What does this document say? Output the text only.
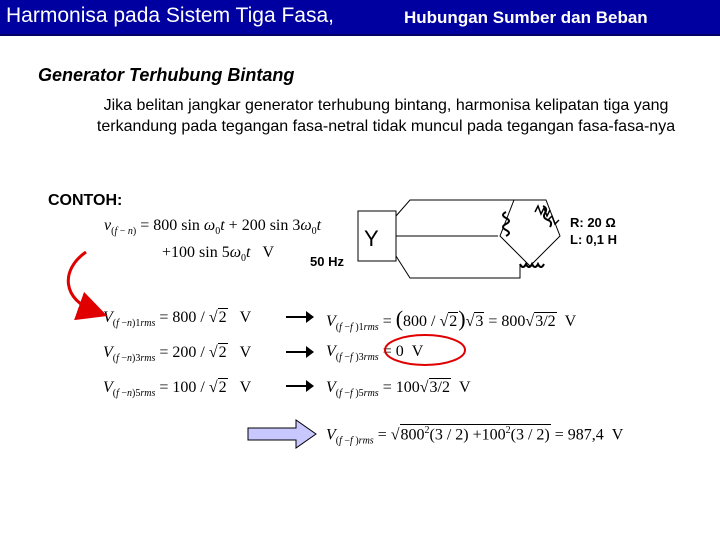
Harmonisa pada Sistem Tiga Fasa,	Hubungan Sumber dan Beban
Generator Terhubung Bintang
Jika belitan jangkar generator terhubung bintang, harmonisa kelipatan tiga yang terkandung pada tegangan fasa-netral tidak muncul pada tegangan fasa-fasa-nya
CONTOH:
$v_{(f - n)} = 800$ $\sin \omega_0t + 200$ $\sin 3\omega_0t$
+100 $\sin 5\omega_0t$   V
$V_{(f -n)1rms} = 800 / √2$   V
$V_{(f -n)3rms} = 200 / √2$   V
$V_{(f -n)5rms} = 100 / √2$   V
$V_{(f -f )1rms} = (800 / √2)√3 = 800√3/2$  V
$V_{(f -f )3rms} = 0$  V
$V_{(f -f )5rms} = 100√3/2$  V
$V_{(f -f )rms} = √800^2(3 / 2) +100^2(3 / 2) = 987,4$  V
Y
50 Hz
R: 20 Ω
L: 0,1 H
